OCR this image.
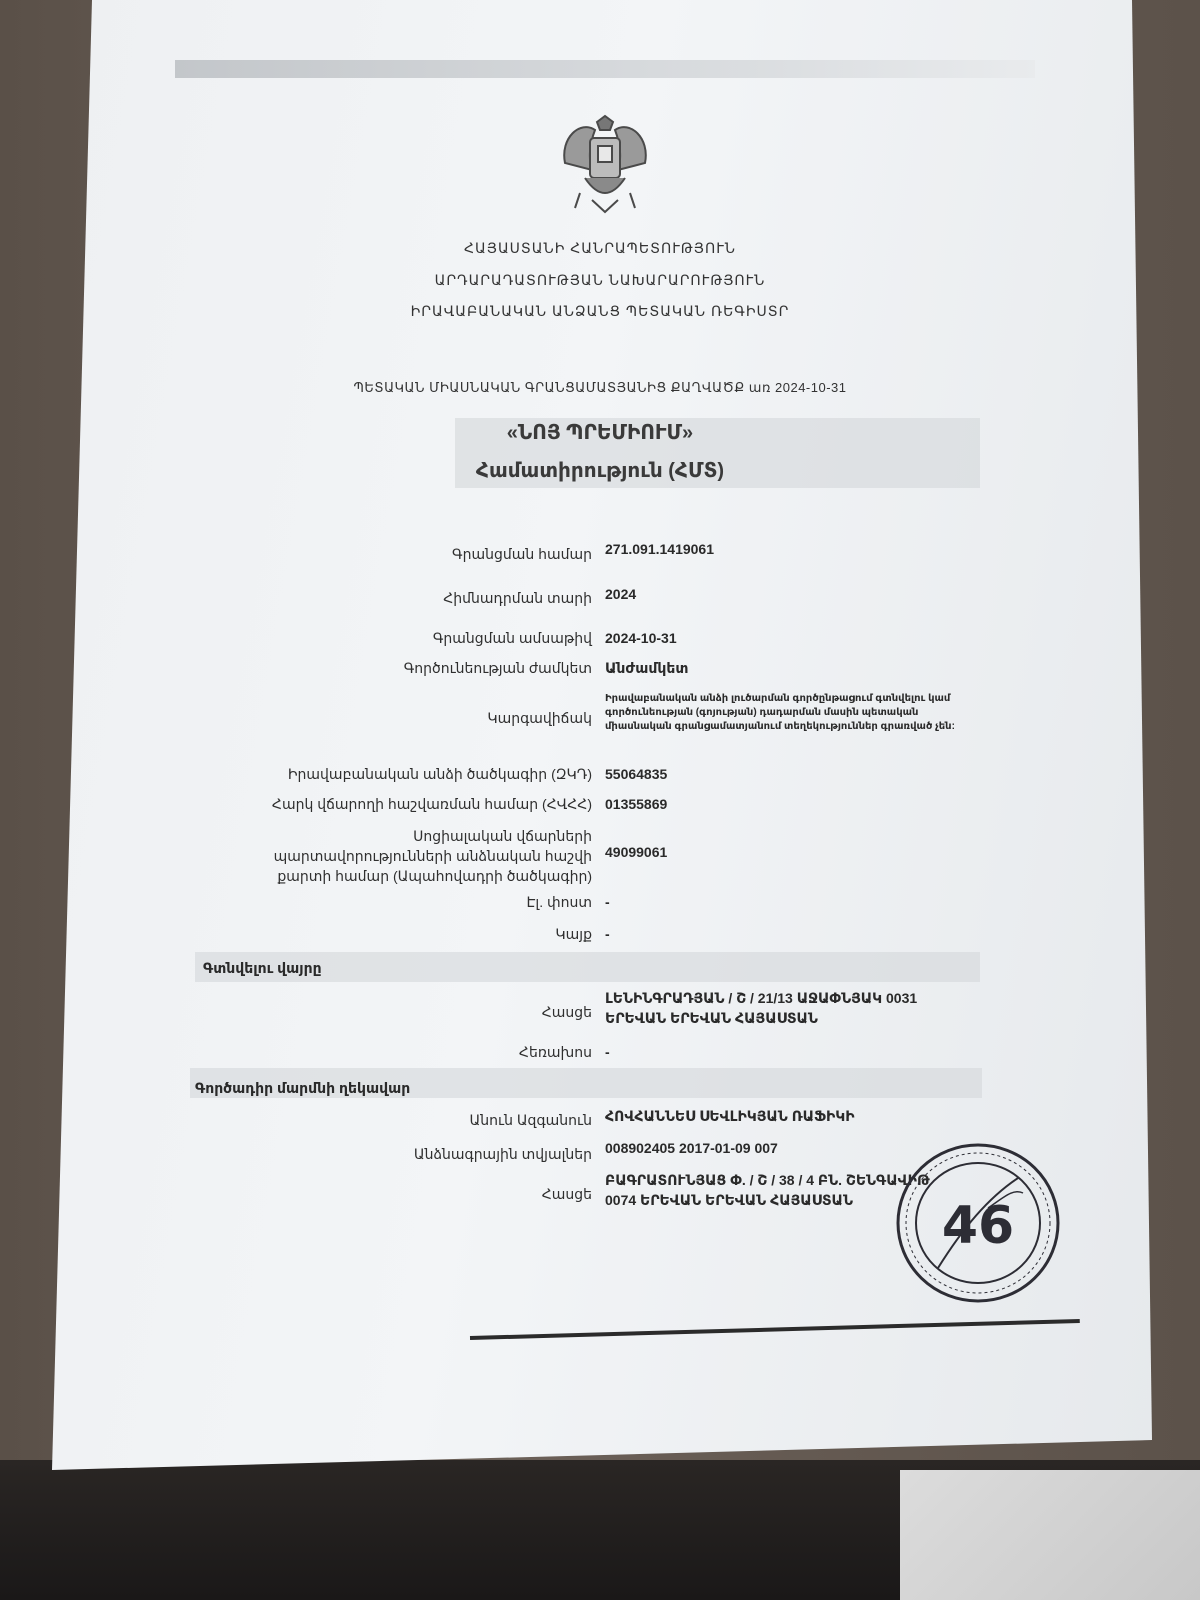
ՀԱՅԱՍՏԱՆԻ ՀԱՆՐԱՊԵՏՈՒԹՅՈՒՆ
ԱՐԴԱՐԱԴԱՏՈՒԹՅԱՆ ՆԱԽԱՐԱՐՈՒԹՅՈՒՆ
ԻՐԱՎԱԲԱՆԱԿԱՆ ԱՆՁԱՆՑ ՊԵՏԱԿԱՆ ՌԵԳԻՍՏՐ
ՊԵՏԱԿԱՆ ՄԻԱՍՆԱԿԱՆ ԳՐԱՆՑԱՄԱՏՅԱՆԻՑ ՔԱՂՎԱԾՔ առ 2024-10-31
«ՆՈՅ ՊՐԵՄԻՈՒՄ»
Համատիրություն (ՀՄՏ)
Գրանցման համար 271.091.1419061
Հիմնադրման տարի 2024
Գրանցման ամսաթիվ 2024-10-31
Գործունեության ժամկետ Անժամկետ
Կարգավիճակ
Իրավաբանական անձի լուծարման գործընթացում գտնվելու կամ գործունեության (գոյության) դադարման մասին պետական միասնական գրանցամատյանում տեղեկություններ գրառված չեն:
Իրավաբանական անձի ծածկագիր (ԶԿԴ) 55064835
Հարկ վճարողի հաշվառման համար (ՀՎՀՀ) 01355869
Սոցիալական վճարների պարտավորությունների անձնական հաշվի քարտի համար (Ապահովադրի ծածկագիր)
49099061
Էլ. փոստ -
Կայք -
Գտնվելու վայրը
Հասցե
ԼԵՆԻՆԳՐԱԴՅԱՆ / Շ / 21/13 ԱՋԱՓՆՅԱԿ 0031
ԵՐԵՎԱՆ ԵՐԵՎԱՆ ՀԱՅԱՍՏԱՆ
Հեռախոս -
Գործադիր մարմնի ղեկավար
Անուն Ազգանուն ՀՈՎՀԱՆՆԵՍ ՍԵՎԼԻԿՅԱՆ ՌԱՖԻԿԻ
Անձնագրային տվյալներ 008902405 2017-01-09 007
Հասցե
ԲԱԳՐԱՏՈՒՆՅԱՑ Փ. / Շ / 38 / 4 ԲՆ. ՇԵՆԳԱՎԻԹ
0074 ԵՐԵՎԱՆ ԵՐԵՎԱՆ ՀԱՅԱՍՏԱՆ 46
